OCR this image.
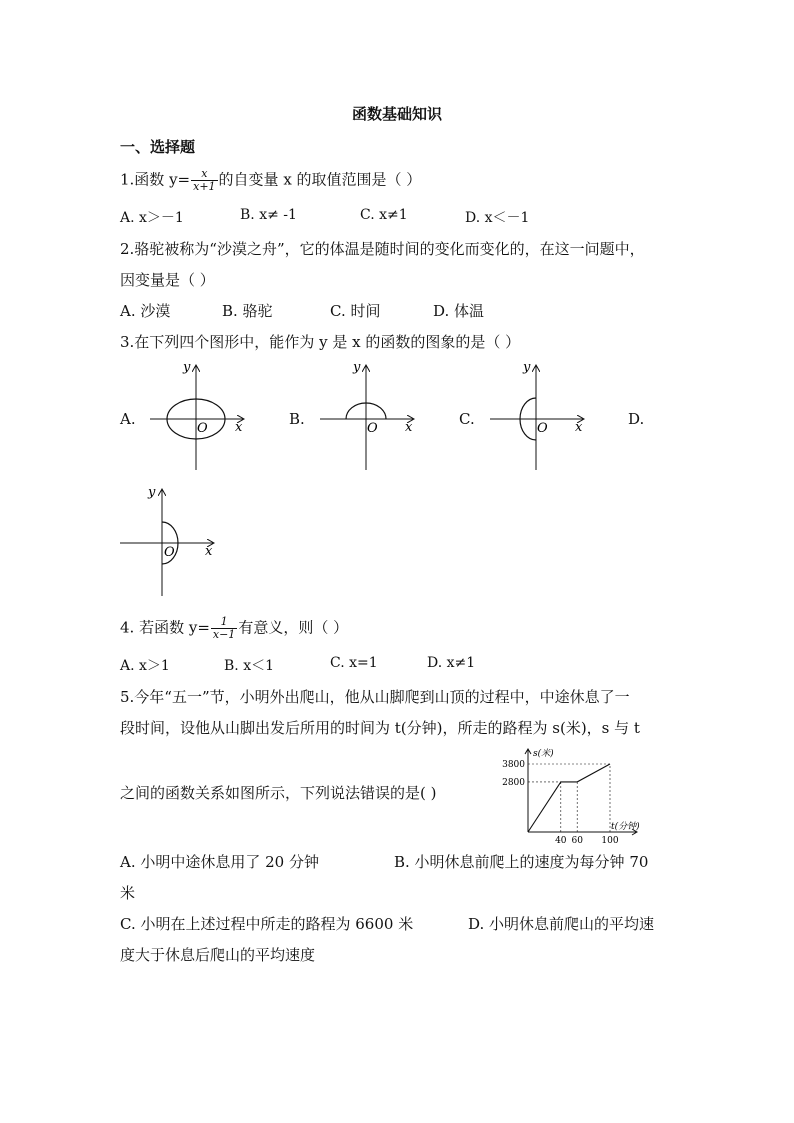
函数基础知识
一、选择题
1.函数 $y= \frac{x}{x+1}$ 的自变量 x 的取值范围是（ ）
A. x＞－1	B. x≠ -1	C. x≠1	D. x＜－1
2.骆驼被称为“沙漠之舟”，它的体温是随时间的变化而变化的，在这一问题中，
因变量是（ ）
A. 沙漠	B. 骆驼	C. 时间	D. 体温
3.在下列四个图形中，能作为 y 是 x 的函数的图象的是（ ）
A.	x
y
O
B.	x
y
O
C.	x
y
O
D.
x
y
O
4. 若函数 $y= \frac{1}{x-1}$ 有意义，则（ ）
A. x＞1	B. x＜1	C. x=1	D. x≠1
5.今年“五一”节，小明外出爬山，他从山脚爬到山顶的过程中，中途休息了一
段时间，设他从山脚出发后所用的时间为 t(分钟)，所走的路程为 s(米)，s 与 t
之间的函数关系如图所示，下列说法错误的是( )
s(米)
t(分钟)
2800
3800
40 60 100
A. 小明中途休息用了 20 分钟	B. 小明休息前爬上的速度为每分钟 70
米
C. 小明在上述过程中所走的路程为 6600 米	D. 小明休息前爬山的平均速
度大于休息后爬山的平均速度
